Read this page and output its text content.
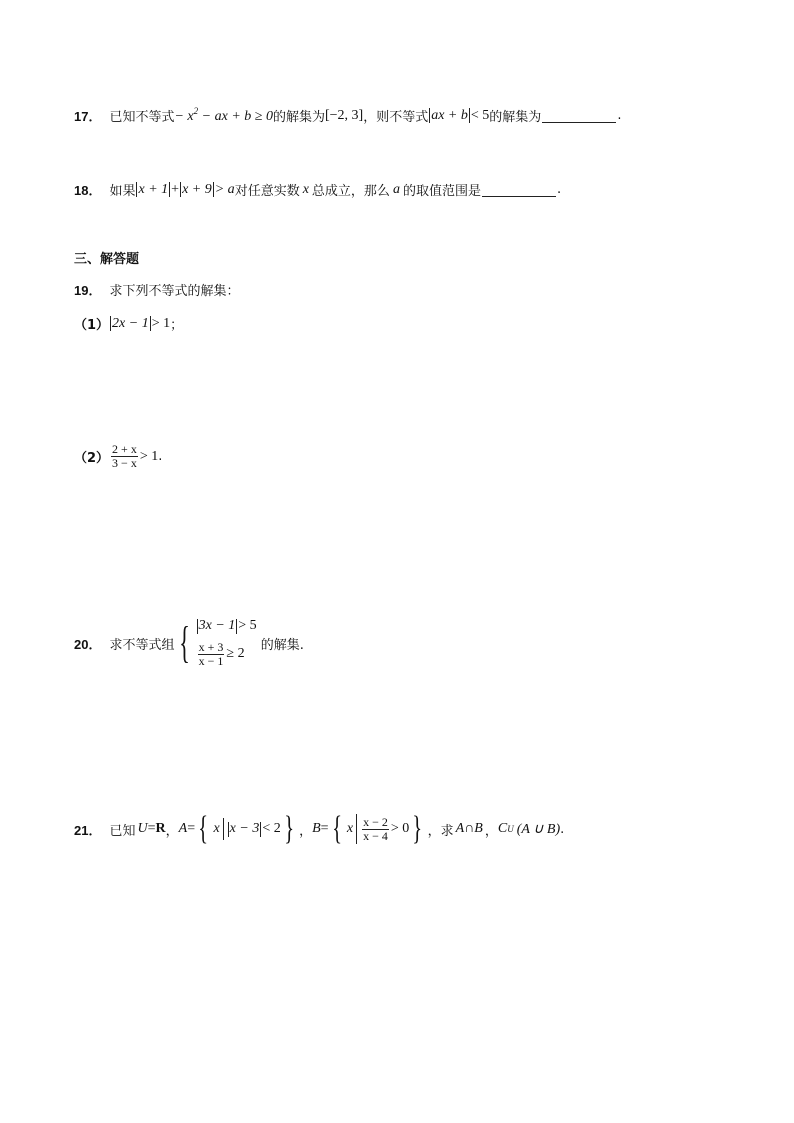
17． 已知不等式 − $x^2$ − ax + b ≥ 0 的解集为 [−2, 3] ，则不等式 ax + b < 5 的解集为	.
18． 如果 x + 1 + x + 9 > a 对任意实数 x 总成立，那么 a 的取值范围是	.
三、解答题
19． 求下列不等式的解集：
（1） 2x − 1 > 1 ；
$(2) \frac{2 + x}{3 - x} > 1$ .
20． 求不等式组 { 3x − 1 > 5
$\frac{x + 3}{x - 1} \ge 2$
的解集.
21． 已知 U = R ， A = { x x − 3 < 2 } ， B = { x $\frac{x - 2}{x - 4} > 0$ } ，求 A∩B ， C U (A ∪ B) .
